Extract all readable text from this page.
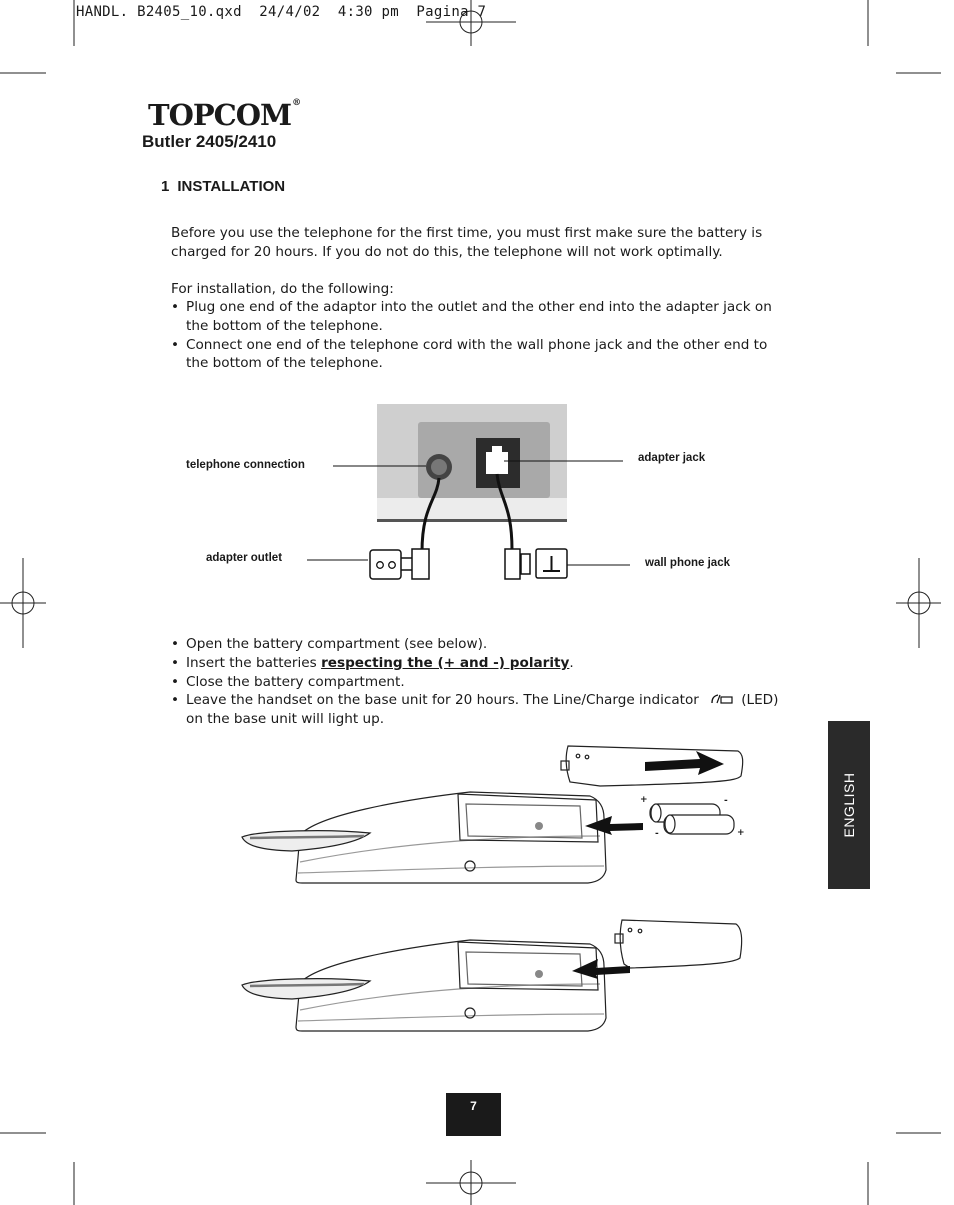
HANDL. B2405_10.qxd  24/4/02  4:30 pm  Pagina 7
TOPCOM®
Butler 2405/2410
1 INSTALLATION
Before you use the telephone for the first time, you must first make sure the battery is charged for 20 hours. If you do not do this, the telephone will not work optimally.
For installation, do the following:
• Plug one end of the adaptor into the outlet and the other end into the adapter jack on the bottom of the telephone.
• Connect one end of the telephone cord with the wall phone jack and the other end to the bottom of the telephone.
telephone connection
adapter jack
adapter outlet	wall phone jack
• Open the battery compartment (see below).
• Insert the batteries respecting the (+ and -) polarity.
• Close the battery compartment.
• Leave the handset on the base unit for 20 hours. The Line/Charge indicator	(LED) on the base unit will light up.
+	-
-	+	ENGLISH
7
